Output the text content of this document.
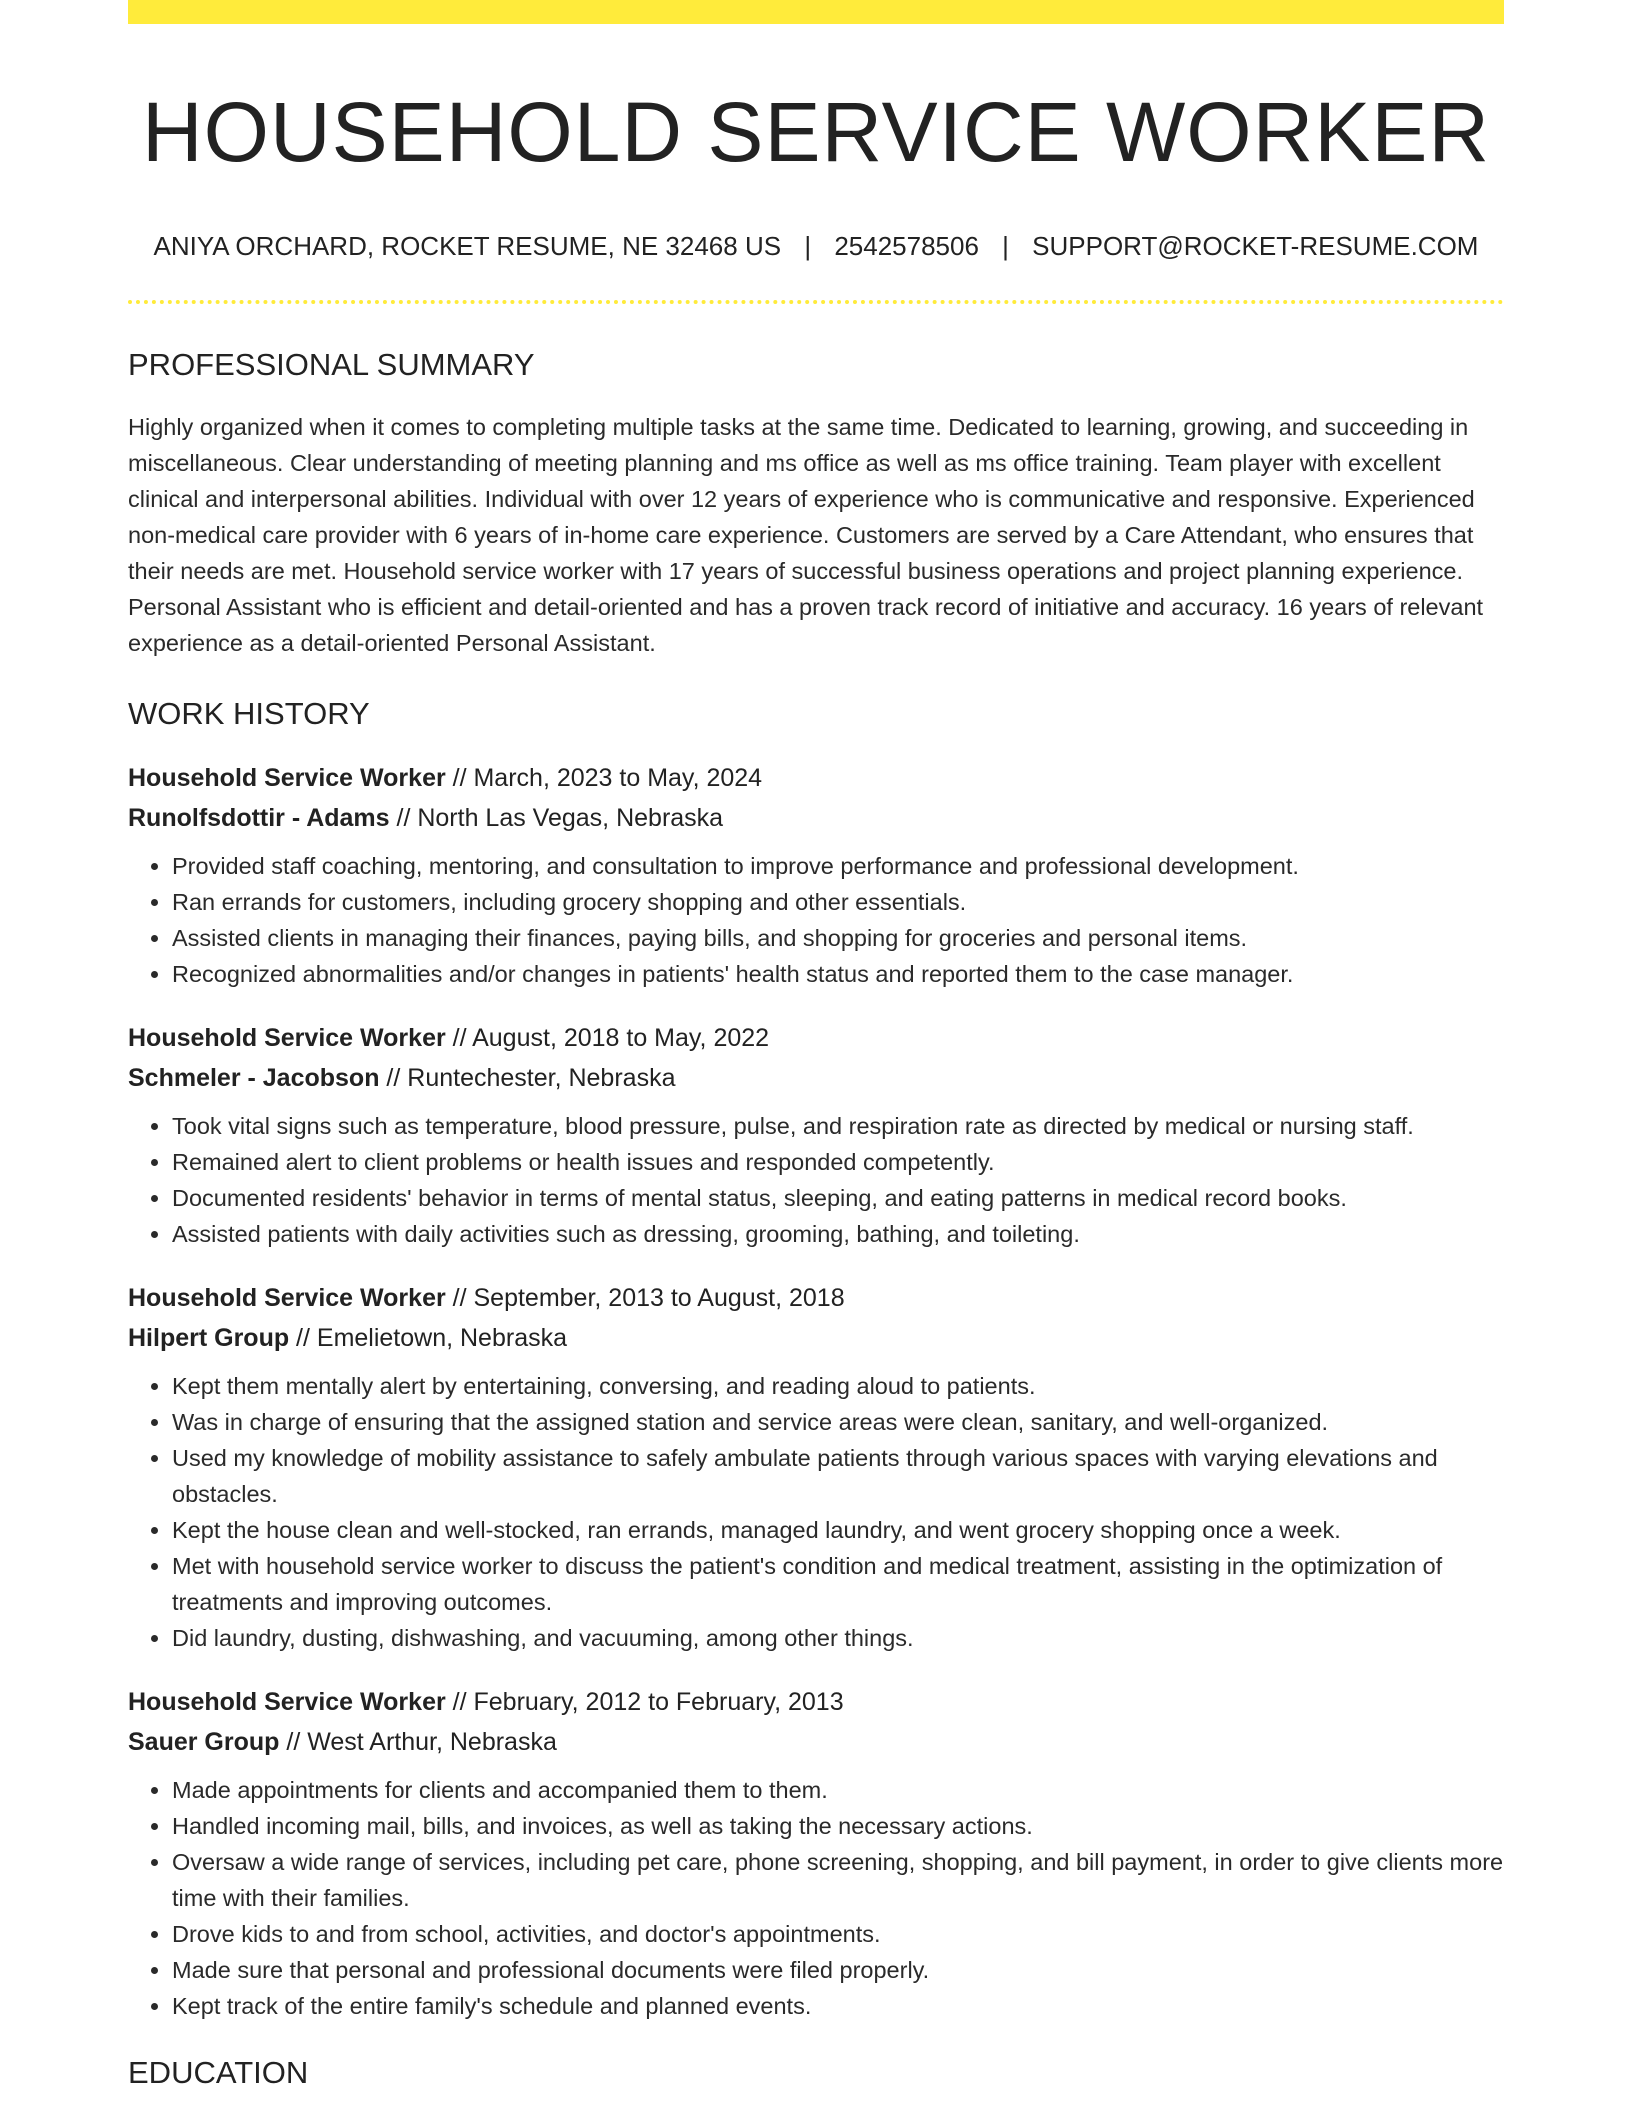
HOUSEHOLD SERVICE WORKER
ANIYA ORCHARD, ROCKET RESUME, NE 32468 US | 2542578506 | SUPPORT@ROCKET-RESUME.COM
PROFESSIONAL SUMMARY

Highly organized when it comes to completing multiple tasks at the same time. Dedicated to learning, growing, and succeeding in miscellaneous. Clear understanding of meeting planning and ms office as well as ms office training. Team player with excellent clinical and interpersonal abilities. Individual with over 12 years of experience who is communicative and responsive. Experienced non-medical care provider with 6 years of in-home care experience. Customers are served by a Care Attendant, who ensures that their needs are met. Household service worker with 17 years of successful business operations and project planning experience. Personal Assistant who is efficient and detail-oriented and has a proven track record of initiative and accuracy. 16 years of relevant experience as a detail-oriented Personal Assistant.

WORK HISTORY
Household Service Worker // March, 2023 to May, 2024
Runolfsdottir - Adams // North Las Vegas, Nebraska
• Provided staff coaching, mentoring, and consultation to improve performance and professional development.
• Ran errands for customers, including grocery shopping and other essentials.
• Assisted clients in managing their finances, paying bills, and shopping for groceries and personal items.
• Recognized abnormalities and/or changes in patients' health status and reported them to the case manager.
Household Service Worker // August, 2018 to May, 2022
Schmeler - Jacobson // Runtechester, Nebraska
• Took vital signs such as temperature, blood pressure, pulse, and respiration rate as directed by medical or nursing staff.
• Remained alert to client problems or health issues and responded competently.
• Documented residents' behavior in terms of mental status, sleeping, and eating patterns in medical record books.
• Assisted patients with daily activities such as dressing, grooming, bathing, and toileting.
Household Service Worker // September, 2013 to August, 2018
Hilpert Group // Emelietown, Nebraska
• Kept them mentally alert by entertaining, conversing, and reading aloud to patients.
• Was in charge of ensuring that the assigned station and service areas were clean, sanitary, and well-organized.
• Used my knowledge of mobility assistance to safely ambulate patients through various spaces with varying elevations and obstacles.
• Kept the house clean and well-stocked, ran errands, managed laundry, and went grocery shopping once a week.
• Met with household service worker to discuss the patient's condition and medical treatment, assisting in the optimization of treatments and improving outcomes.
• Did laundry, dusting, dishwashing, and vacuuming, among other things.
Household Service Worker // February, 2012 to February, 2013
Sauer Group // West Arthur, Nebraska
• Made appointments for clients and accompanied them to them.
• Handled incoming mail, bills, and invoices, as well as taking the necessary actions.
• Oversaw a wide range of services, including pet care, phone screening, shopping, and bill payment, in order to give clients more time with their families.
• Drove kids to and from school, activities, and doctor's appointments.
• Made sure that personal and professional documents were filed properly.
• Kept track of the entire family's schedule and planned events.
EDUCATION
